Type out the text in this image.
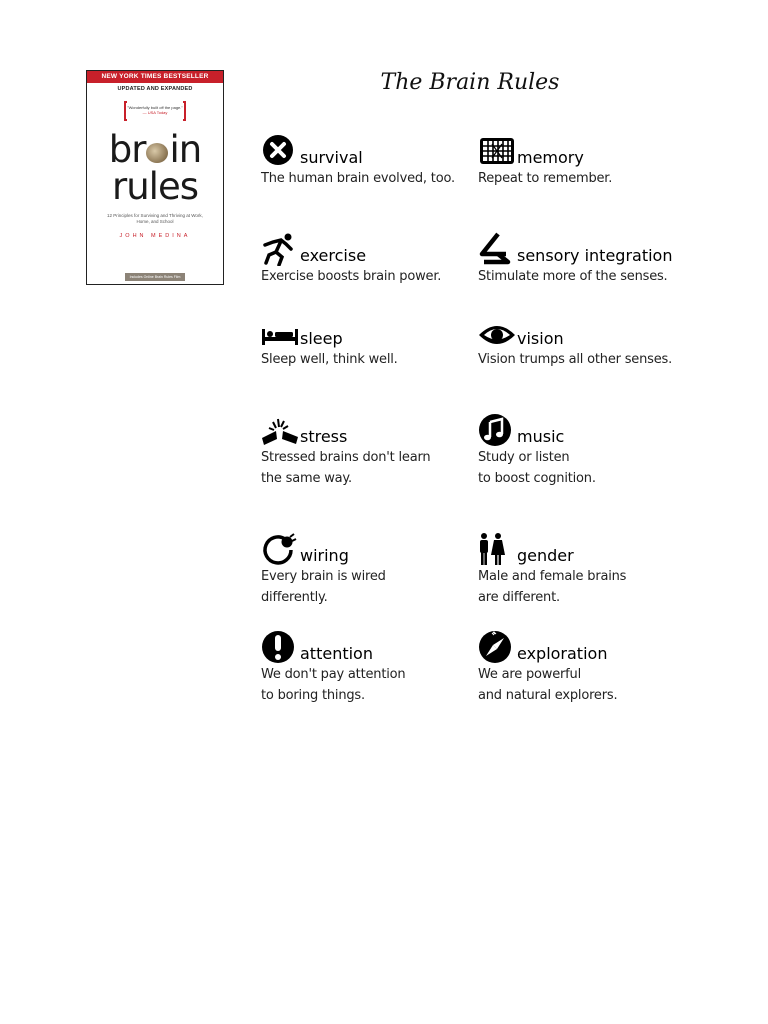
NEW YORK TIMES BESTSELLER
UPDATED AND EXPANDED
"Wonderfully built off the page."
— USA Today
br in
rules
12 Principles for Surviving and Thriving at Work, Home, and School
JOHN MEDINA
Includes Online Brain Rules Film
The Brain Rules
survival
The human brain evolved, too.
memory
Repeat to remember.
exercise
Exercise boosts brain power.
sensory integration
Stimulate more of the senses.
sleep
Sleep well, think well.
vision
Vision trumps all other senses.
stress
Stressed brains don't learn
the same way.
music
Study or listen
to boost cognition.
wiring
Every brain is wired
differently.
gender
Male and female brains
are different.
attention
We don't pay attention
to boring things.
exploration
We are powerful
and natural explorers.
